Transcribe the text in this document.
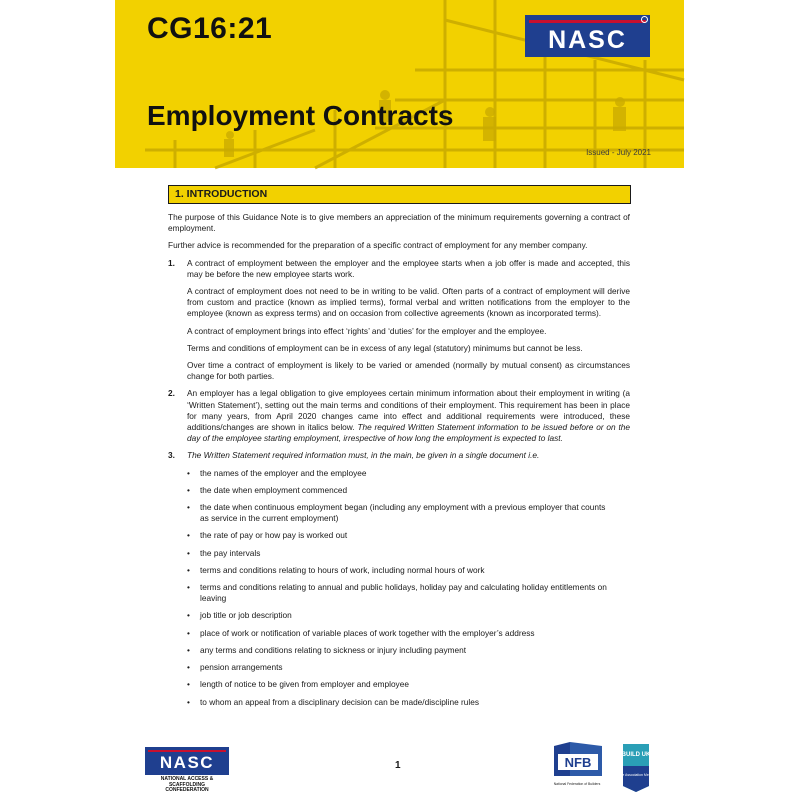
CG16:21
Employment Contracts
Issued - July 2021
NASC
1. INTRODUCTION

The purpose of this Guidance Note is to give members an appreciation of the minimum requirements governing a contract of employment.

Further advice is recommended for the preparation of a specific contract of employment for any member company.

1.	A contract of employment between the employer and the employee starts when a job offer is made and accepted, this may be before the new employee starts work.

A contract of employment does not need to be in writing to be valid. Often parts of a contract of employment will derive from custom and practice (known as implied terms), formal verbal and written notifications from the employer to the employee (known as express terms) and on occasion from collective agreements (known as incorporated terms).

A contract of employment brings into effect ‘rights’ and ‘duties’ for the employer and the employee.

Terms and conditions of employment can be in excess of any legal (statutory) minimums but cannot be less.

Over time a contract of employment is likely to be varied or amended (normally by mutual consent) as circumstances change for both parties.

2.	An employer has a legal obligation to give employees certain minimum information about their employment in writing (a ‘Written Statement’), setting out the main terms and conditions of their employment. This requirement has been in place for many years, from April 2020 changes came into effect and additional requirements were introduced, these additions/changes are shown in italics below. The required Written Statement information to be issued before or on the day of the employee starting employment, irrespective of how long the employment is expected to last.

3.	The Written Statement required information must, in the main, be given in a single document i.e.

• the names of the employer and the employee
• the date when employment commenced
• the date when continuous employment began (including any employment with a previous employer that counts as service in the current employment)
• the rate of pay or how pay is worked out
• the pay intervals
• terms and conditions relating to hours of work, including normal hours of work
• terms and conditions relating to annual and public holidays, holiday pay and calculating holiday entitlements on leaving
• job title or job description
• place of work or notification of variable places of work together with the employer’s address
• any terms and conditions relating to sickness or injury including payment
• pension arrangements
• length of notice to be given from employer and employee
• to whom an appeal from a disciplinary decision can be made/discipline rules
NASC
NATIONAL ACCESS & SCAFFOLDING
CONFEDERATION
1	NFB
National Federation of Builders
BUILD UK
Trade Association Member
